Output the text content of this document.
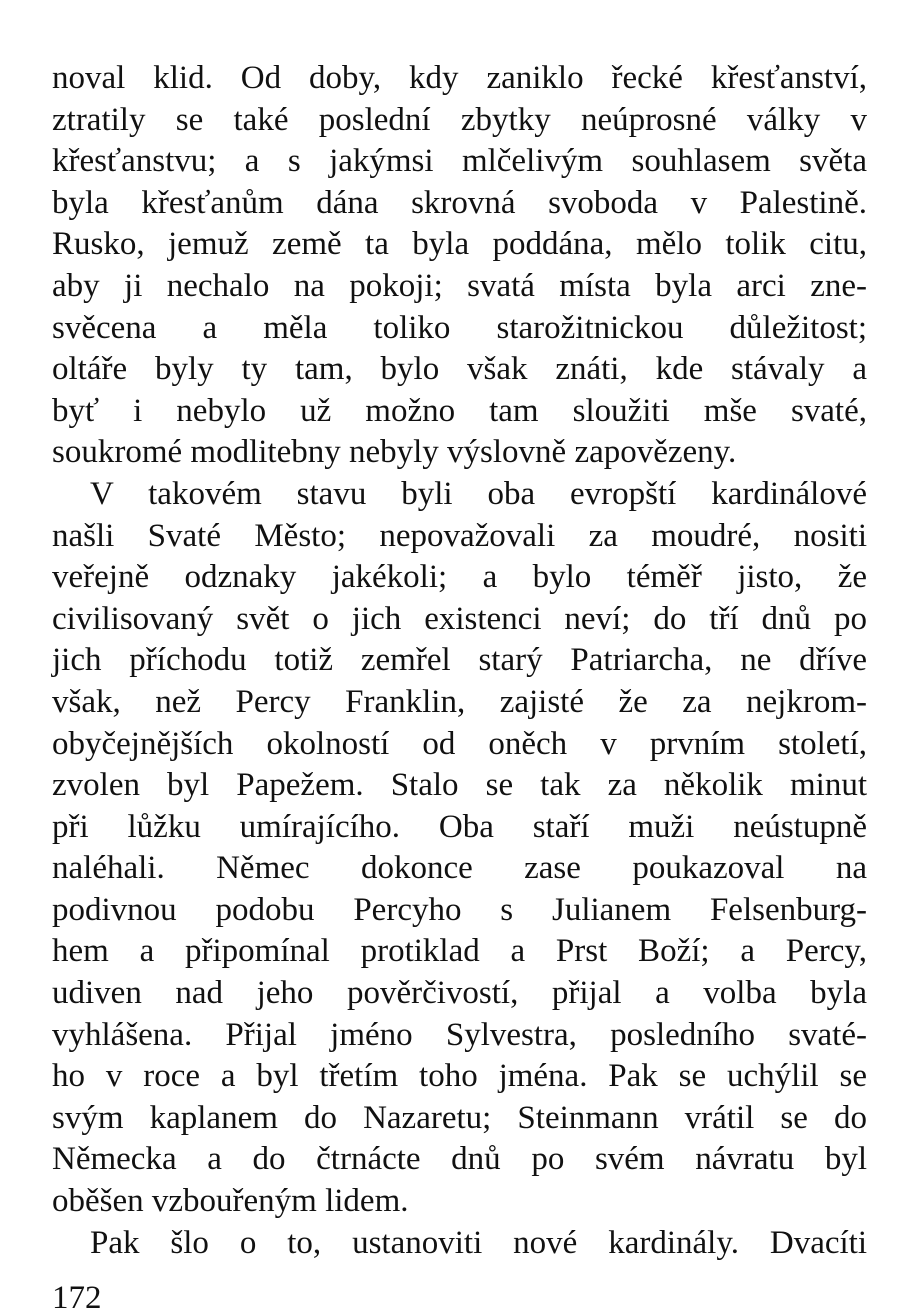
noval klid. Od doby, kdy zaniklo řecké křesťanství,
ztratily se také poslední zbytky neúprosné války v
křesťanstvu; a s jakýmsi mlčelivým souhlasem světa
byla křesťanům dána skrovná svoboda v Palestině.
Rusko, jemuž země ta byla poddána, mělo tolik citu,
aby ji nechalo na pokoji; svatá místa byla arci zne-
svěcena a měla toliko starožitnickou důležitost;
oltáře byly ty tam, bylo však znáti, kde stávaly a
byť i nebylo už možno tam sloužiti mše svaté,
soukromé modlitebny nebyly výslovně zapovězeny.

V takovém stavu byli oba evropští kardinálové
našli Svaté Město; nepovažovali za moudré, nositi
veřejně odznaky jakékoli; a bylo téměř jisto, že
civilisovaný svět o jich existenci neví; do tří dnů po
jich příchodu totiž zemřel starý Patriarcha, ne dříve
však, než Percy Franklin, zajisté že za nejkrom-
obyčejnějších okolností od oněch v prvním století,
zvolen byl Papežem. Stalo se tak za několik minut
při lůžku umírajícího. Oba staří muži neústupně
naléhali. Němec dokonce zase poukazoval na
podivnou podobu Percyho s Julianem Felsenburg-
hem a připomínal protiklad a Prst Boží; a Percy,
udiven nad jeho pověrčivostí, přijal a volba byla
vyhlášena. Přijal jméno Sylvestra, posledního svaté-
ho v roce a byl třetím toho jména. Pak se uchýlil se
svým kaplanem do Nazaretu; Steinmann vrátil se do
Německa a do čtrnácte dnů po svém návratu byl
oběšen vzbouřeným lidem.

Pak šlo o to, ustanoviti nové kardinály. Dvacíti

172
